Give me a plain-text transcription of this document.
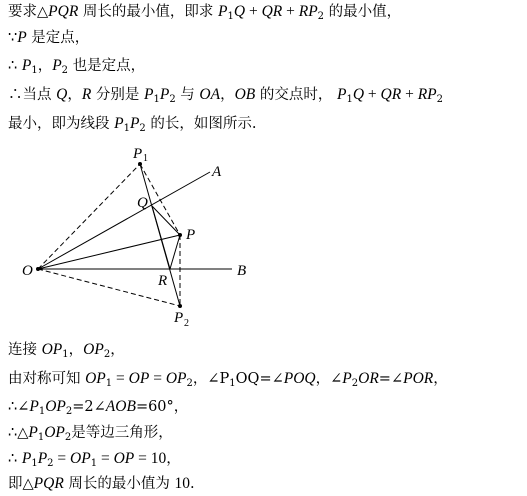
要求△PQR 周长的最小值，即求 $P_1Q$ + QR + $RP_2$ 的最小值，
∵P 是定点，
∴ $P_1$，$P_2$ 也是定点，
∴当点 Q，R 分别是 $P_1P_2$ 与 OA，OB 的交点时， $P_1Q$ + QR + $RP_2$
最小，即为线段 $P_1P_2$ 的长，如图所示.
O
A
B
P
Q
R
P 1
P 2
连接 $OP_1$，$OP_2$，
由对称可知 $OP_1$ = OP = $OP_2$，$\angle P_1OQ=\angle POQ$，$\angle P_2OR=\angle POR$，
$\therefore\angle P_1OP_2=2\angle AOB=60^\circ$，
$\therefore\triangle P_1OP_2$是等边三角形，
∴ $P_1P_2 = OP_1$ = OP = 10，
即△PQR 周长的最小值为 10.
